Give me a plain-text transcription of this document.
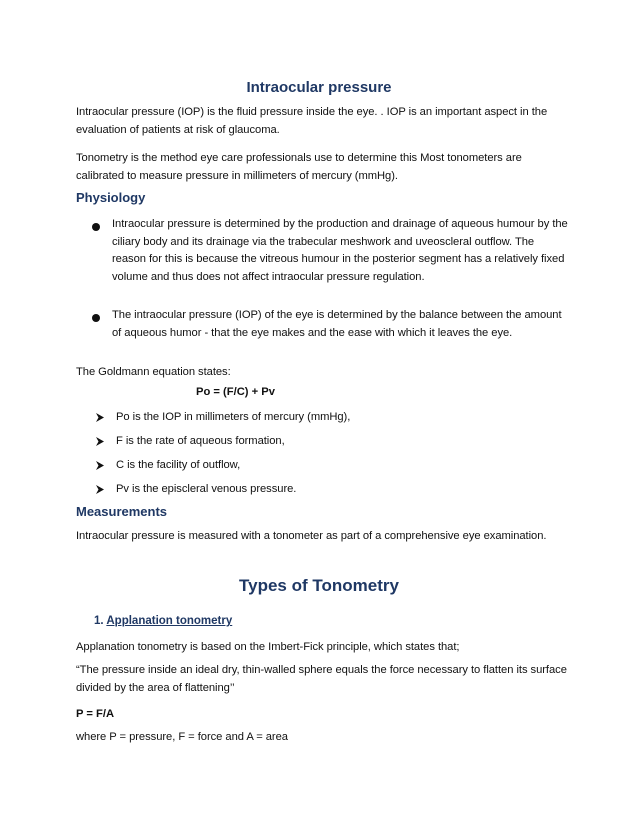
Intraocular pressure
Intraocular pressure (IOP) is the fluid pressure inside the eye. . IOP is an important aspect in the evaluation of patients at risk of glaucoma.
Tonometry is the method eye care professionals use to determine this Most tonometers are calibrated to measure pressure in millimeters of mercury (mmHg).
Physiology
Intraocular pressure is determined by the production and drainage of aqueous humour by the ciliary body and its drainage via the trabecular meshwork and uveoscleral outflow. The reason for this is because the vitreous humour in the posterior segment has a relatively fixed volume and thus does not affect intraocular pressure regulation.
The intraocular pressure (IOP) of the eye is determined by the balance between the amount of aqueous humor - that the eye makes and the ease with which it leaves the eye.
The Goldmann equation states:
Po = (F/C) + Pv
Po is the IOP in millimeters of mercury (mmHg),
F is the rate of aqueous formation,
C is the facility of outflow,
Pv is the episcleral venous pressure.
Measurements
Intraocular pressure is measured with a tonometer as part of a comprehensive eye examination.
Types of Tonometry
1. Applanation tonometry
Applanation tonometry is based on the Imbert-Fick principle, which states that;
“The pressure inside an ideal dry, thin-walled sphere equals the force necessary to flatten its surface divided by the area of flattening’’
P = F/A
where P = pressure, F = force and A = area
